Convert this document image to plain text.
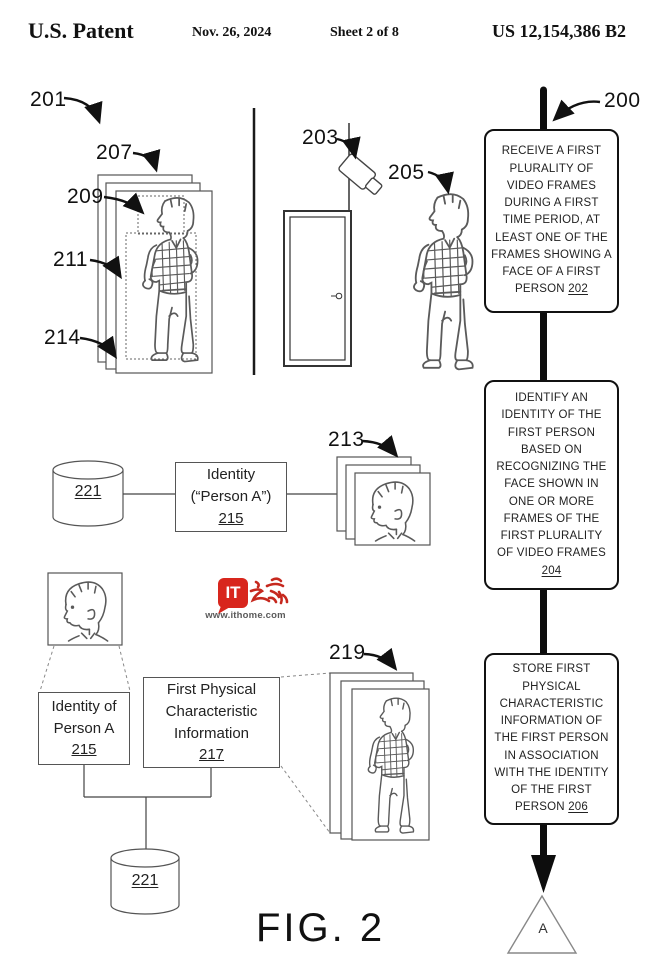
U.S. Patent	Nov. 26, 2024	Sheet 2 of 8	US 12,154,386 B2
201
207
209
211
214
203
205
200
213
219
RECEIVE A FIRST PLURALITY OF VIDEO FRAMES DURING A FIRST TIME PERIOD, AT LEAST ONE OF THE FRAMES SHOWING A FACE OF A FIRST PERSON 202
IDENTIFY AN IDENTITY OF THE FIRST PERSON BASED ON RECOGNIZING THE FACE SHOWN IN ONE OR MORE FRAMES OF THE FIRST PLURALITY OF VIDEO FRAMES
204
STORE FIRST PHYSICAL CHARACTERISTIC INFORMATION OF THE FIRST PERSON IN ASSOCIATION WITH THE IDENTITY OF THE FIRST PERSON 206
Identity
(“Person A”)
215
Identity of
Person A
215
First Physical
Characteristic
Information
217
221
221
A
IT
www.ithome.com
FIG. 2
